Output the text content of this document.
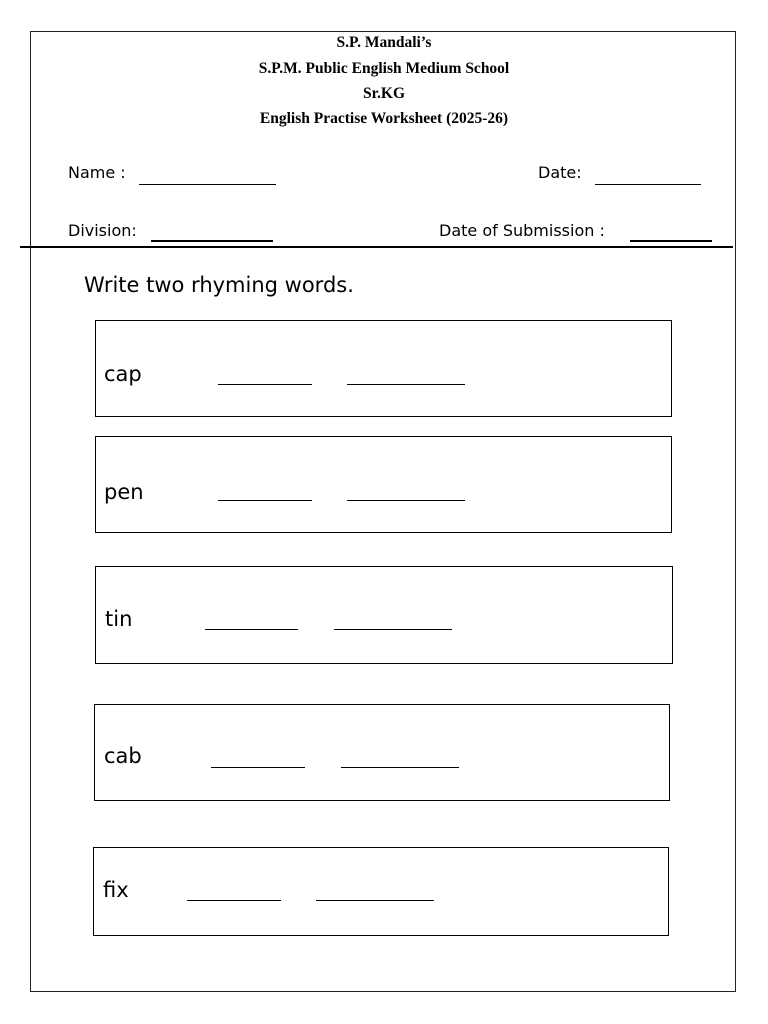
S.P. Mandali’s
S.P.M. Public English Medium School
Sr.KG
English Practise Worksheet (2025-26)
Name :	Date:
Division:	Date of Submission :
Write two rhyming words.
cap
pen
tin
cab
fix
